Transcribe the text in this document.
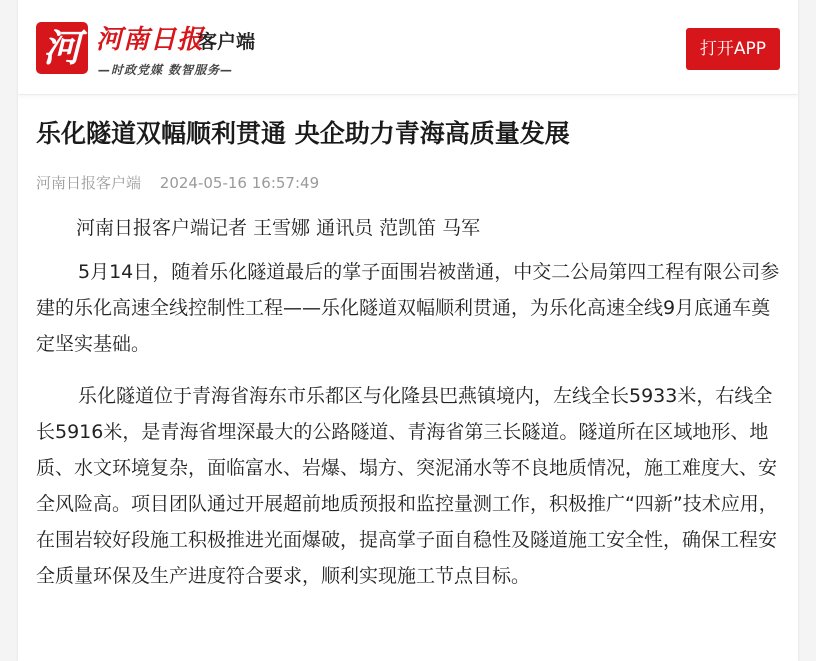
河 河南日报
客户端
—时政党媒 数智服务—
打开APP
乐化隧道双幅顺利贯通 央企助力青海高质量发展
河南日报客户端 2024-05-16 16:57:49

河南日报客户端记者 王雪娜 通讯员 范凯笛 马军

5月14日，随着乐化隧道最后的掌子面围岩被凿通，中交二公局第四工程有限公司参建的乐化高速全线控制性工程——乐化隧道双幅顺利贯通，为乐化高速全线9月底通车奠定坚实基础。

乐化隧道位于青海省海东市乐都区与化隆县巴燕镇境内，左线全长5933米，右线全长5916米，是青海省埋深最大的公路隧道、青海省第三长隧道。隧道所在区域地形、地质、水文环境复杂，面临富水、岩爆、塌方、突泥涌水等不良地质情况，施工难度大、安全风险高。项目团队通过开展超前地质预报和监控量测工作，积极推广“四新”技术应用，在围岩较好段施工积极推进光面爆破，提高掌子面自稳性及隧道施工安全性，确保工程安全质量环保及生产进度符合要求，顺利实现施工节点目标。
